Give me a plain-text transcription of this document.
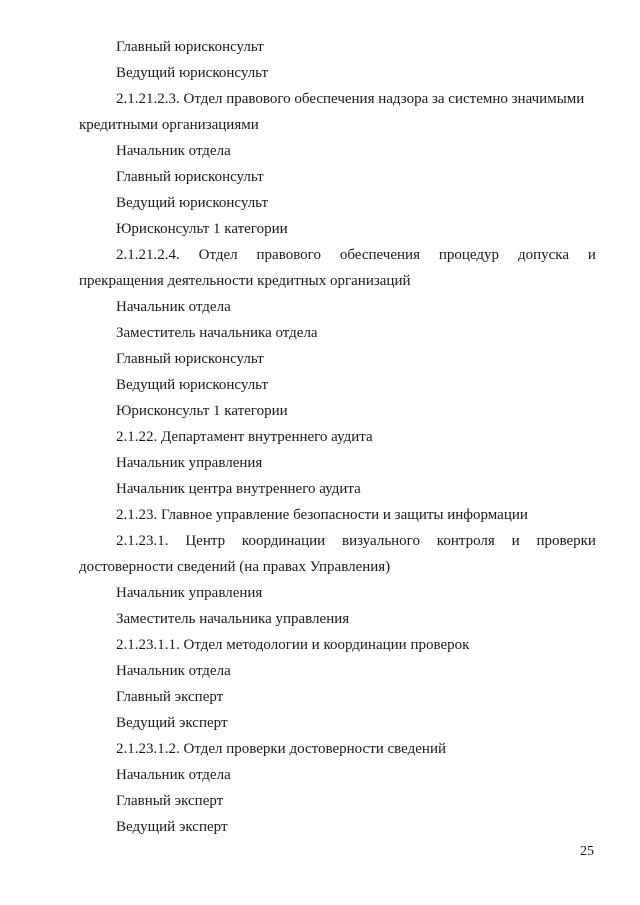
Главный юрисконсульт
Ведущий юрисконсульт
2.1.21.2.3. Отдел правового обеспечения надзора за системно значимыми
кредитными организациями
Начальник отдела
Главный юрисконсульт
Ведущий юрисконсульт
Юрисконсульт 1 категории
2.1.21.2.4. Отдел правового обеспечения процедур допуска и
прекращения деятельности кредитных организаций
Начальник отдела
Заместитель начальника отдела
Главный юрисконсульт
Ведущий юрисконсульт
Юрисконсульт 1 категории
2.1.22. Департамент внутреннего аудита
Начальник управления
Начальник центра внутреннего аудита
2.1.23. Главное управление безопасности и защиты информации
2.1.23.1. Центр координации визуального контроля и проверки
достоверности сведений (на правах Управления)
Начальник управления
Заместитель начальника управления
2.1.23.1.1. Отдел методологии и координации проверок
Начальник отдела
Главный эксперт
Ведущий эксперт
2.1.23.1.2. Отдел проверки достоверности сведений
Начальник отдела
Главный эксперт
Ведущий эксперт
25
